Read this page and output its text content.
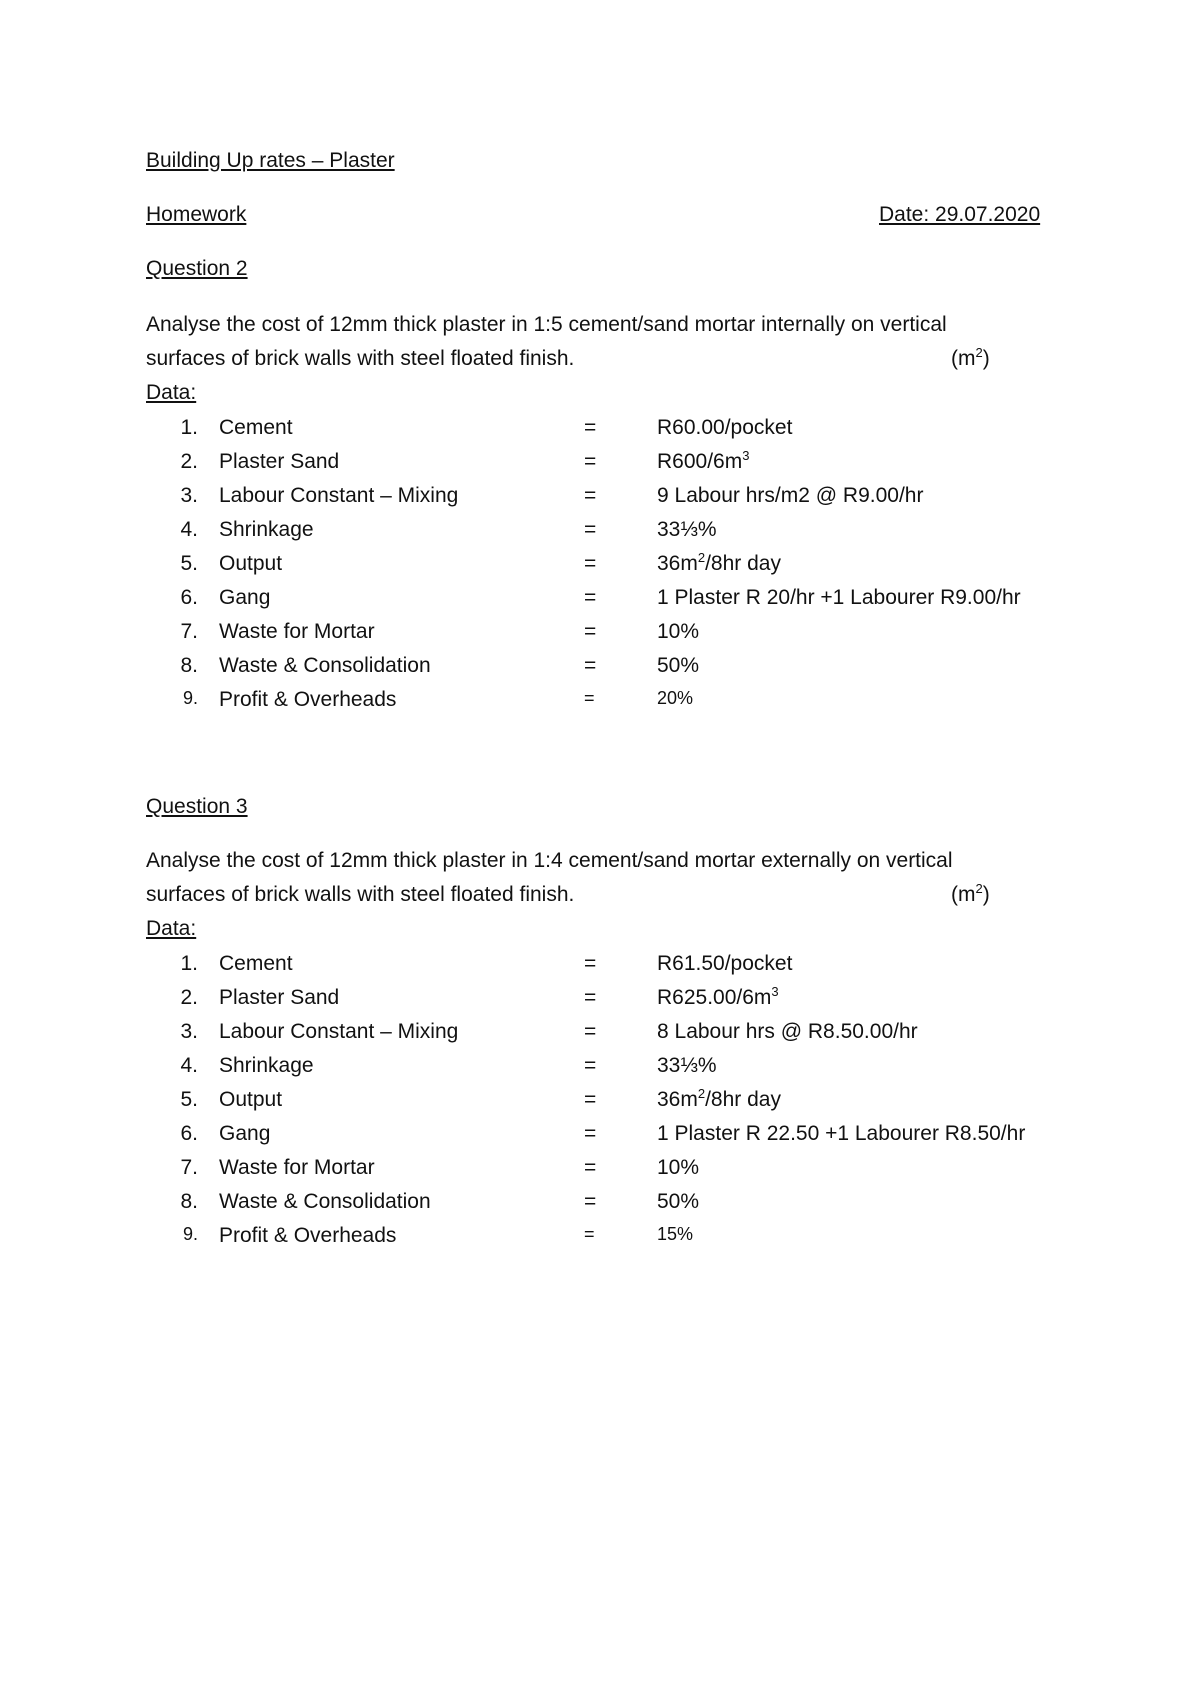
Building Up rates – Plaster
Homework	Date: 29.07.2020
Question 2
Analyse the cost of 12mm thick plaster in 1:5 cement/sand mortar internally on vertical
surfaces of brick walls with steel floated finish.	$(m^2)$
Data:
1. Cement	=	R60.00/pocket
2. Plaster Sand	=	$R600/6m^3$
3. Labour Constant – Mixing	=	9 Labour hrs/m2 @ R9.00/hr
4. Shrinkage	=	33⅓%
5. Output	=	$36m^2/8hr$ day
6. Gang	=	1 Plaster R 20/hr +1 Labourer R9.00/hr
7. Waste for Mortar	=	10%
8. Waste & Consolidation	=	50%
9. Profit & Overheads	=	20%
Question 3
Analyse the cost of 12mm thick plaster in 1:4 cement/sand mortar externally on vertical
surfaces of brick walls with steel floated finish.	$(m^2)$
Data:
1. Cement	=	R61.50/pocket
2. Plaster Sand	=	$R625.00/6m^3$
3. Labour Constant – Mixing	=	8 Labour hrs @ R8.50.00/hr
4. Shrinkage	=	33⅓%
5. Output	=	$36m^2/8hr$ day
6. Gang	=	1 Plaster R 22.50 +1 Labourer R8.50/hr
7. Waste for Mortar	=	10%
8. Waste & Consolidation	=	50%
9. Profit & Overheads	=	15%
